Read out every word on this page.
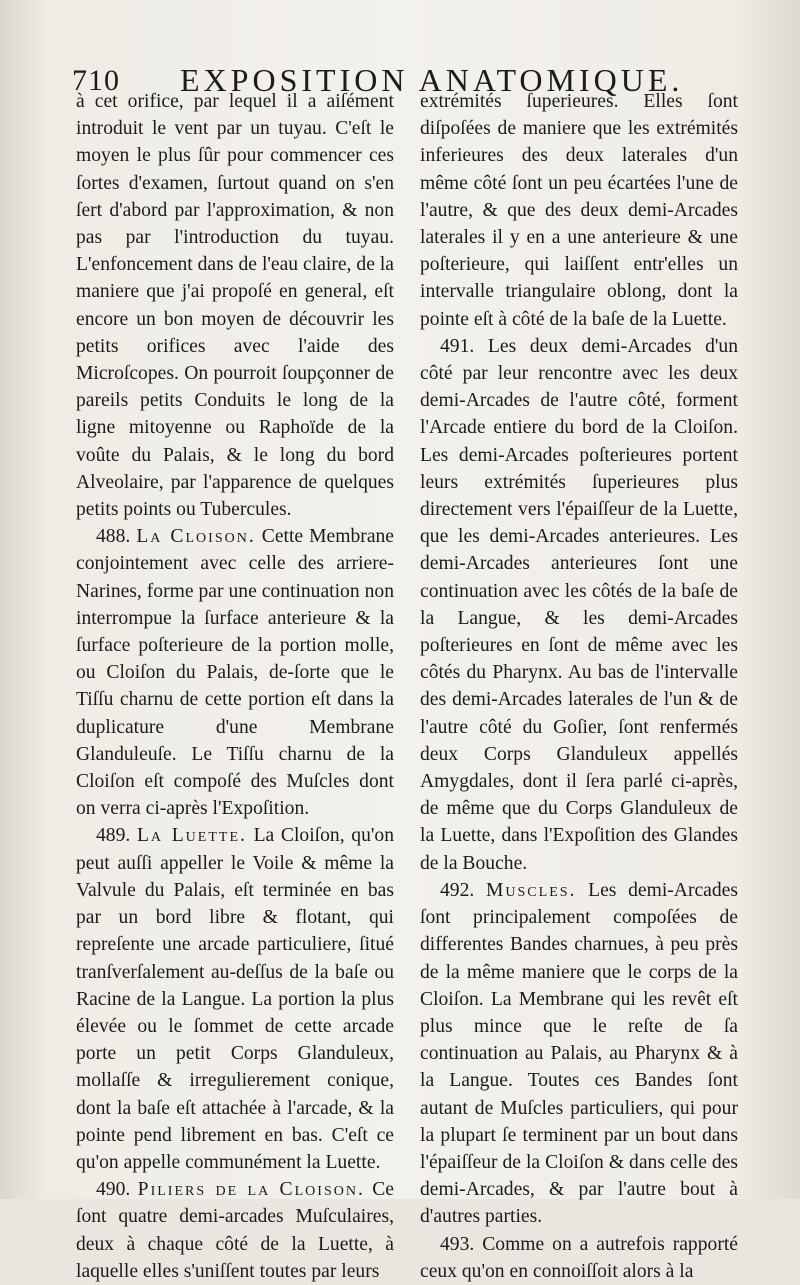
710 EXPOSITION ANATOMIQUE.

à cet orifice, par lequel il a aiſément introduit le vent par un tuyau. C'eſt le moyen le plus ſûr pour commencer ces ſortes d'examen, ſurtout quand on s'en ſert d'abord par l'approximation, & non pas par l'introduction du tuyau. L'enfoncement dans de l'eau claire, de la maniere que j'ai propoſé en general, eſt encore un bon moyen de découvrir les petits orifices avec l'aide des Microſcopes. On pourroit ſoupçonner de pareils petits Conduits le long de la ligne mitoyenne ou Raphoïde de la voûte du Palais, & le long du bord Alveolaire, par l'apparence de quelques petits points ou Tubercules.

488. La Cloison. Cette Membrane conjointement avec celle des arriere-Narines, forme par une continuation non interrompue la ſurface anterieure & la ſurface poſterieure de la portion molle, ou Cloiſon du Palais, de-ſorte que le Tiſſu charnu de cette portion eſt dans la duplicature d'une Membrane Glanduleuſe. Le Tiſſu charnu de la Cloiſon eſt compoſé des Muſcles dont on verra ci-après l'Expoſition.

489. La Luette. La Cloiſon, qu'on peut auſſi appeller le Voile & même la Valvule du Palais, eſt terminée en bas par un bord libre & flotant, qui repreſente une arcade particuliere, ſitué tranſverſalement au-deſſus de la baſe ou Racine de la Langue. La portion la plus élevée ou le ſommet de cette arcade porte un petit Corps Glanduleux, mollaſſe & irregulierement conique, dont la baſe eſt attachée à l'arcade, & la pointe pend librement en bas. C'eſt ce qu'on appelle communément la Luette.

490. Piliers de la Cloison. Ce ſont quatre demi-arcades Muſculaires, deux à chaque côté de la Luette, à laquelle elles s'uniſſent toutes par leurs

extrémités ſuperieures. Elles ſont diſpoſées de maniere que les extrémités inferieures des deux laterales d'un même côté ſont un peu écartées l'une de l'autre, & que des deux demi-Arcades laterales il y en a une anterieure & une poſterieure, qui laiſſent entr'elles un intervalle triangulaire oblong, dont la pointe eſt à côté de la baſe de la Luette.

491. Les deux demi-Arcades d'un côté par leur rencontre avec les deux demi-Arcades de l'autre côté, forment l'Arcade entiere du bord de la Cloiſon. Les demi-Arcades poſterieures portent leurs extrémités ſuperieures plus directement vers l'épaiſſeur de la Luette, que les demi-Arcades anterieures. Les demi-Arcades anterieures ſont une continuation avec les côtés de la baſe de la Langue, & les demi-Arcades poſterieures en ſont de même avec les côtés du Pharynx. Au bas de l'intervalle des demi-Arcades laterales de l'un & de l'autre côté du Goſier, ſont renfermés deux Corps Glanduleux appellés Amygdales, dont il ſera parlé ci-après, de même que du Corps Glanduleux de la Luette, dans l'Expoſition des Glandes de la Bouche.

492. Muscles. Les demi-Arcades ſont principalement compoſées de differentes Bandes charnues, à peu près de la même maniere que le corps de la Cloiſon. La Membrane qui les revêt eſt plus mince que le reſte de ſa continuation au Palais, au Pharynx & à la Langue. Toutes ces Bandes ſont autant de Muſcles particuliers, qui pour la plupart ſe terminent par un bout dans l'épaiſſeur de la Cloiſon & dans celle des demi-Arcades, & par l'autre bout à d'autres parties.

493. Comme on a autrefois rapporté ceux qu'on en connoiſſoit alors à la
